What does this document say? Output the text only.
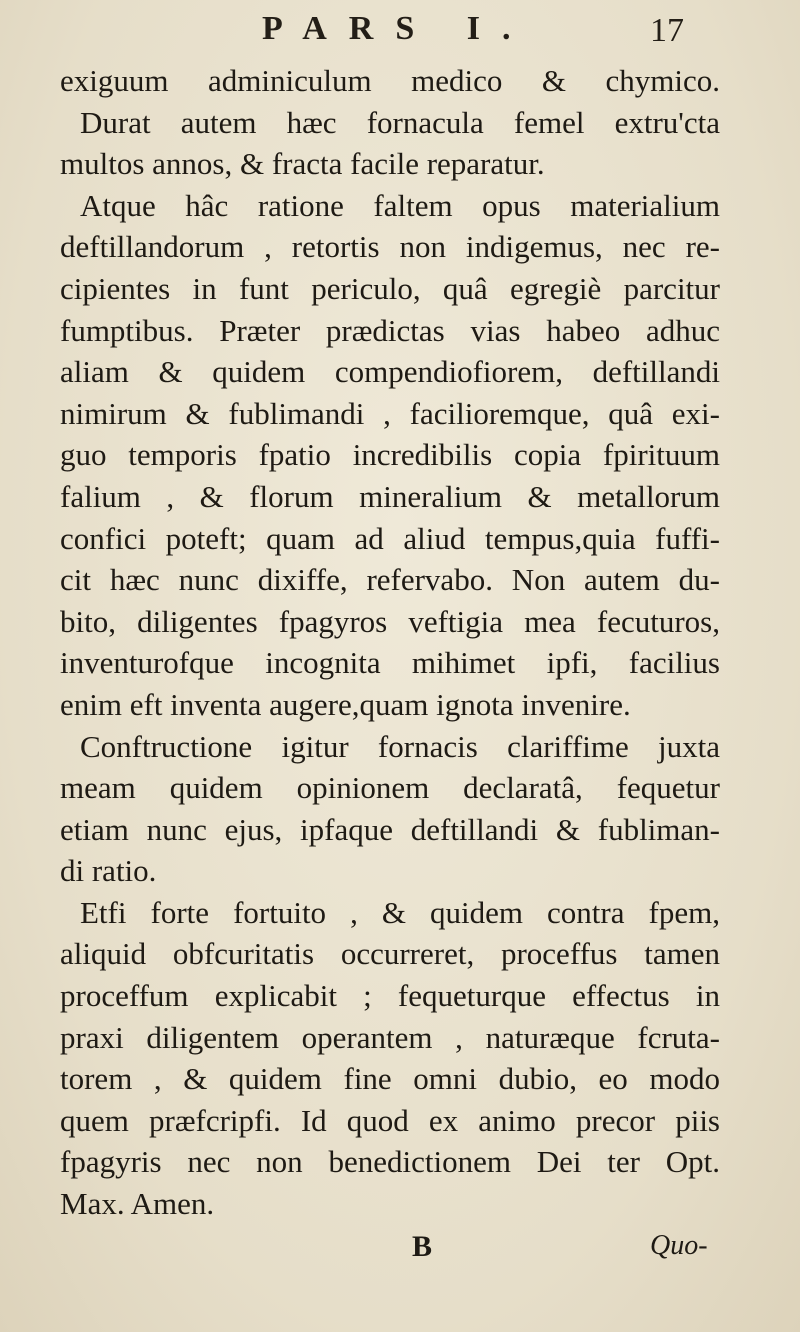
PARS I.	17
exiguum adminiculum medico & chymico.
Durat autem hæc fornacula femel extru'cta
multos annos, & fracta facile reparatur.
Atque hâc ratione faltem opus materialium
deftillandorum , retortis non indigemus, nec re-
cipientes in funt periculo, quâ egregiè parcitur
fumptibus. Præter prædictas vias habeo adhuc
aliam & quidem compendiofiorem, deftillandi
nimirum & fublimandi , facilioremque, quâ exi-
guo temporis fpatio incredibilis copia fpirituum
falium , & florum mineralium & metallorum
confici poteft; quam ad aliud tempus,quia fuffi-
cit hæc nunc dixiffe, refervabo. Non autem du-
bito, diligentes fpagyros veftigia mea fecuturos,
inventurofque incognita mihimet ipfi, facilius
enim eft inventa augere,quam ignota invenire.
Conftructione igitur fornacis clariffime juxta
meam quidem opinionem declaratâ, fequetur
etiam nunc ejus, ipfaque deftillandi & fubliman-
di ratio.
Etfi forte fortuito , & quidem contra fpem,
aliquid obfcuritatis occurreret, proceffus tamen
proceffum explicabit ; fequeturque effectus in
praxi diligentem operantem , naturæque fcruta-
torem , & quidem fine omni dubio, eo modo
quem præfcripfi. Id quod ex animo precor piis
fpagyris nec non benedictionem Dei ter Opt.
Max. Amen.
B	Quo-
